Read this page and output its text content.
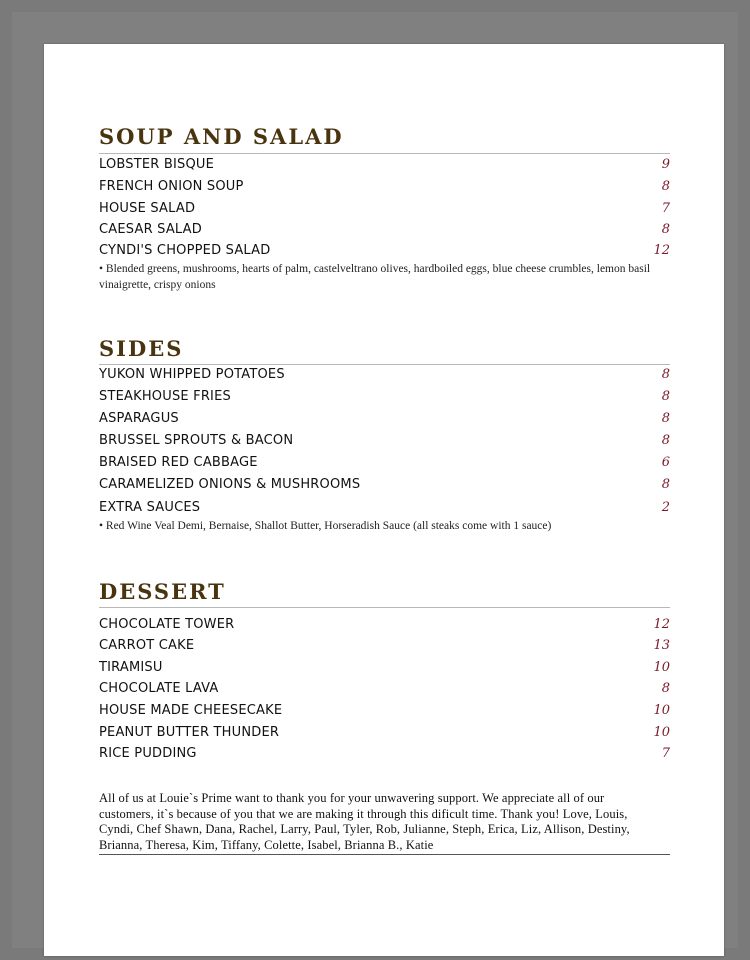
SOUP AND SALAD
LOBSTER BISQUE	9
FRENCH ONION SOUP	8
HOUSE SALAD	7
CAESAR SALAD	8
CYNDI'S CHOPPED SALAD	12
• Blended greens, mushrooms, hearts of palm, castelveltrano olives, hardboiled eggs, blue cheese crumbles, lemon basil vinaigrette, crispy onions
SIDES
YUKON WHIPPED POTATOES	8
STEAKHOUSE FRIES	8
ASPARAGUS	8
BRUSSEL SPROUTS & BACON	8
BRAISED RED CABBAGE	6
CARAMELIZED ONIONS & MUSHROOMS	8
EXTRA SAUCES	2
• Red Wine Veal Demi, Bernaise, Shallot Butter, Horseradish Sauce (all steaks come with 1 sauce)
DESSERT
CHOCOLATE TOWER	12
CARROT CAKE	13
TIRAMISU	10
CHOCOLATE LAVA	8
HOUSE MADE CHEESECAKE	10
PEANUT BUTTER THUNDER	10
RICE PUDDING	7
All of us at Louie`s Prime want to thank you for your unwavering support. We appreciate all of our customers, it`s because of you that we are making it through this dificult time. Thank you! Love, Louis, Cyndi, Chef Shawn, Dana, Rachel, Larry, Paul, Tyler, Rob, Julianne, Steph, Erica, Liz, Allison, Destiny, Brianna, Theresa, Kim, Tiffany, Colette, Isabel, Brianna B., Katie
